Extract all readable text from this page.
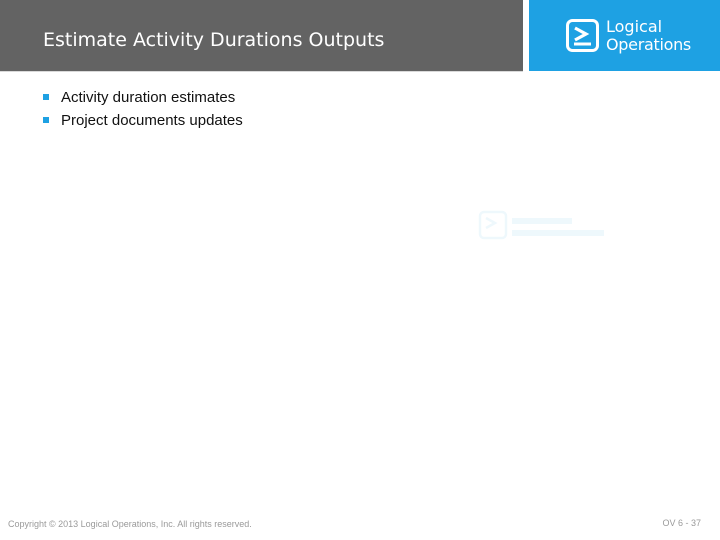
Estimate Activity Durations Outputs
Logical
Operations
Activity duration estimates
Project documents updates
Copyright © 2013 Logical Operations, Inc. All rights reserved.	OV 6 - 37
